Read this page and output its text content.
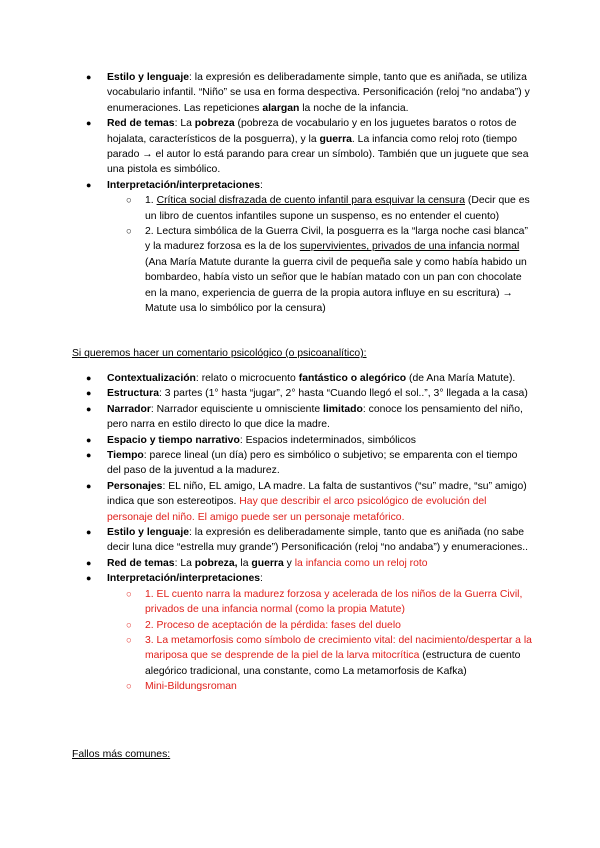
● Estilo y lenguaje: la expresión es deliberadamente simple, tanto que es aniñada, se utiliza vocabulario infantil. “Niño” se usa en forma despectiva. Personificación (reloj “no andaba”) y enumeraciones. Las repeticiones alargan la noche de la infancia.
● Red de temas: La pobreza (pobreza de vocabulario y en los juguetes baratos o rotos de hojalata, característicos de la posguerra), y la guerra. La infancia como reloj roto (tiempo parado → el autor lo está parando para crear un símbolo). También que un juguete que sea una pistola es simbólico.
● Interpretación/interpretaciones:
○ 1. Crítica social disfrazada de cuento infantil para esquivar la censura (Decir que es un libro de cuentos infantiles supone un suspenso, es no entender el cuento)
○ 2. Lectura simbólica de la Guerra Civil, la posguerra es la “larga noche casi blanca” y la madurez forzosa es la de los supervivientes, privados de una infancia normal (Ana María Matute durante la guerra civil de pequeña sale y como había habido un bombardeo, había visto un señor que le habían matado con un pan con chocolate en la mano, experiencia de guerra de la propia autora influye en su escritura) → Matute usa lo simbólico por la censura)
Si queremos hacer un comentario psicológico (o psicoanalítico):
● Contextualización: relato o microcuento fantástico o alegórico (de Ana María Matute).
● Estructura: 3 partes (1° hasta “jugar”, 2° hasta “Cuando llegó el sol..”, 3° llegada a la casa)
● Narrador: Narrador equisciente u omnisciente limitado: conoce los pensamiento del niño, pero narra en estilo directo lo que dice la madre.
● Espacio y tiempo narrativo: Espacios indeterminados, simbólicos
● Tiempo: parece lineal (un día) pero es simbólico o subjetivo; se emparenta con el tiempo del paso de la juventud a la madurez.
● Personajes: EL niño, EL amigo, LA madre. La falta de sustantivos (“su” madre, “su” amigo) indica que son estereotipos. Hay que describir el arco psicológico de evolución del personaje del niño. El amigo puede ser un personaje metafórico.
● Estilo y lenguaje: la expresión es deliberadamente simple, tanto que es aniñada (no sabe decir luna dice “estrella muy grande”) Personificación (reloj “no andaba”) y enumeraciones..
● Red de temas: La pobreza, la guerra y la infancia como un reloj roto
● Interpretación/interpretaciones:
○ 1. EL cuento narra la madurez forzosa y acelerada de los niños de la Guerra Civil, privados de una infancia normal (como la propia Matute)
○ 2. Proceso de aceptación de la pérdida: fases del duelo
○ 3. La metamorfosis como símbolo de crecimiento vital: del nacimiento/despertar a la mariposa que se desprende de la piel de la larva mitocrítica (estructura de cuento alegórico tradicional, una constante, como La metamorfosis de Kafka)
○ Mini-Bildungsroman
Fallos más comunes:
